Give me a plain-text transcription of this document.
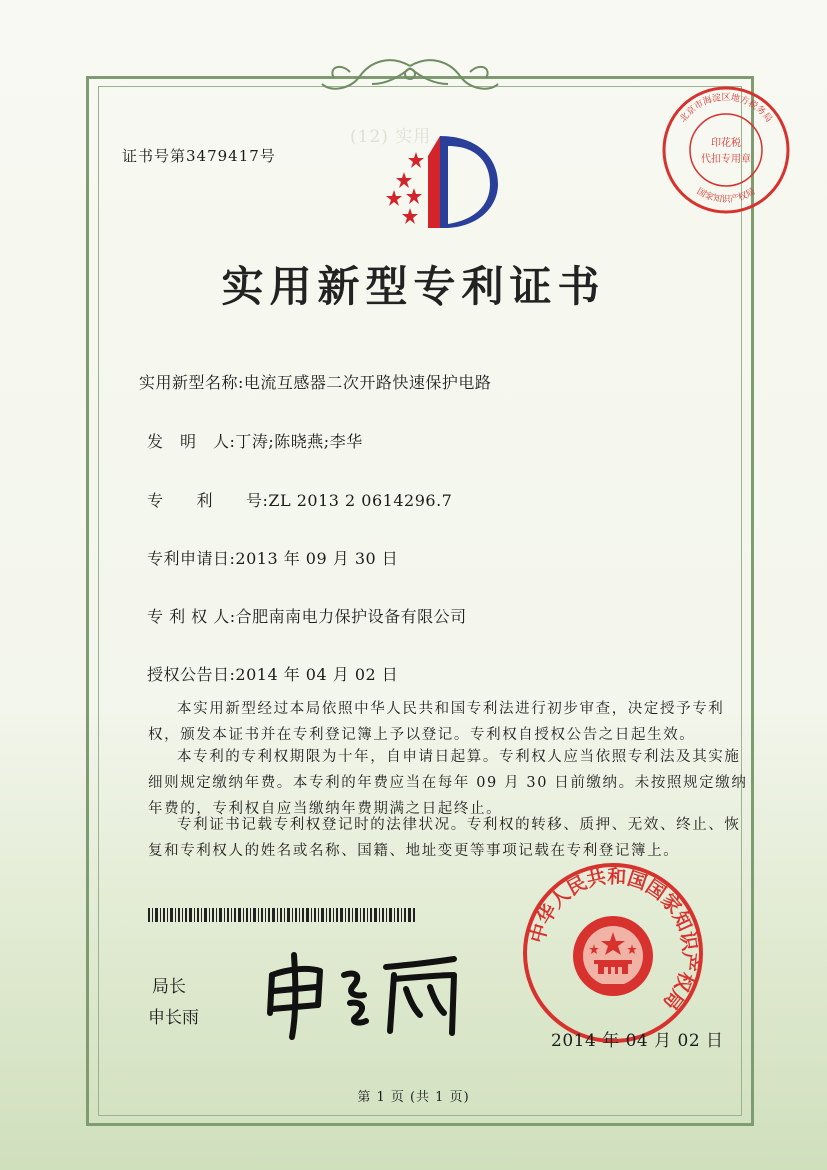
证书号第3479417号
(12) 实用
北京市海淀区地方税务局
国家知识产权局
印花税
代扣专用章
实用新型专利证书
实用新型名称:电流互感器二次开路快速保护电路
发　明　人:丁涛;陈晓燕;李华
专　　利　　号:ZL 2013 2 0614296.7
专利申请日:2013 年 09 月 30 日
专 利 权 人:合肥南南电力保护设备有限公司
授权公告日:2014 年 04 月 02 日
本实用新型经过本局依照中华人民共和国专利法进行初步审查，决定授予专利权，颁发本证书并在专利登记簿上予以登记。专利权自授权公告之日起生效。
本专利的专利权期限为十年，自申请日起算。专利权人应当依照专利法及其实施细则规定缴纳年费。本专利的年费应当在每年 09 月 30 日前缴纳。未按照规定缴纳年费的，专利权自应当缴纳年费期满之日起终止。
专利证书记载专利权登记时的法律状况。专利权的转移、质押、无效、终止、恢复和专利权人的姓名或名称、国籍、地址变更等事项记载在专利登记簿上。
局长
申长雨
中华人民共和国国家知识产权局
2014 年 04 月 02 日
第 1 页 (共 1 页)
